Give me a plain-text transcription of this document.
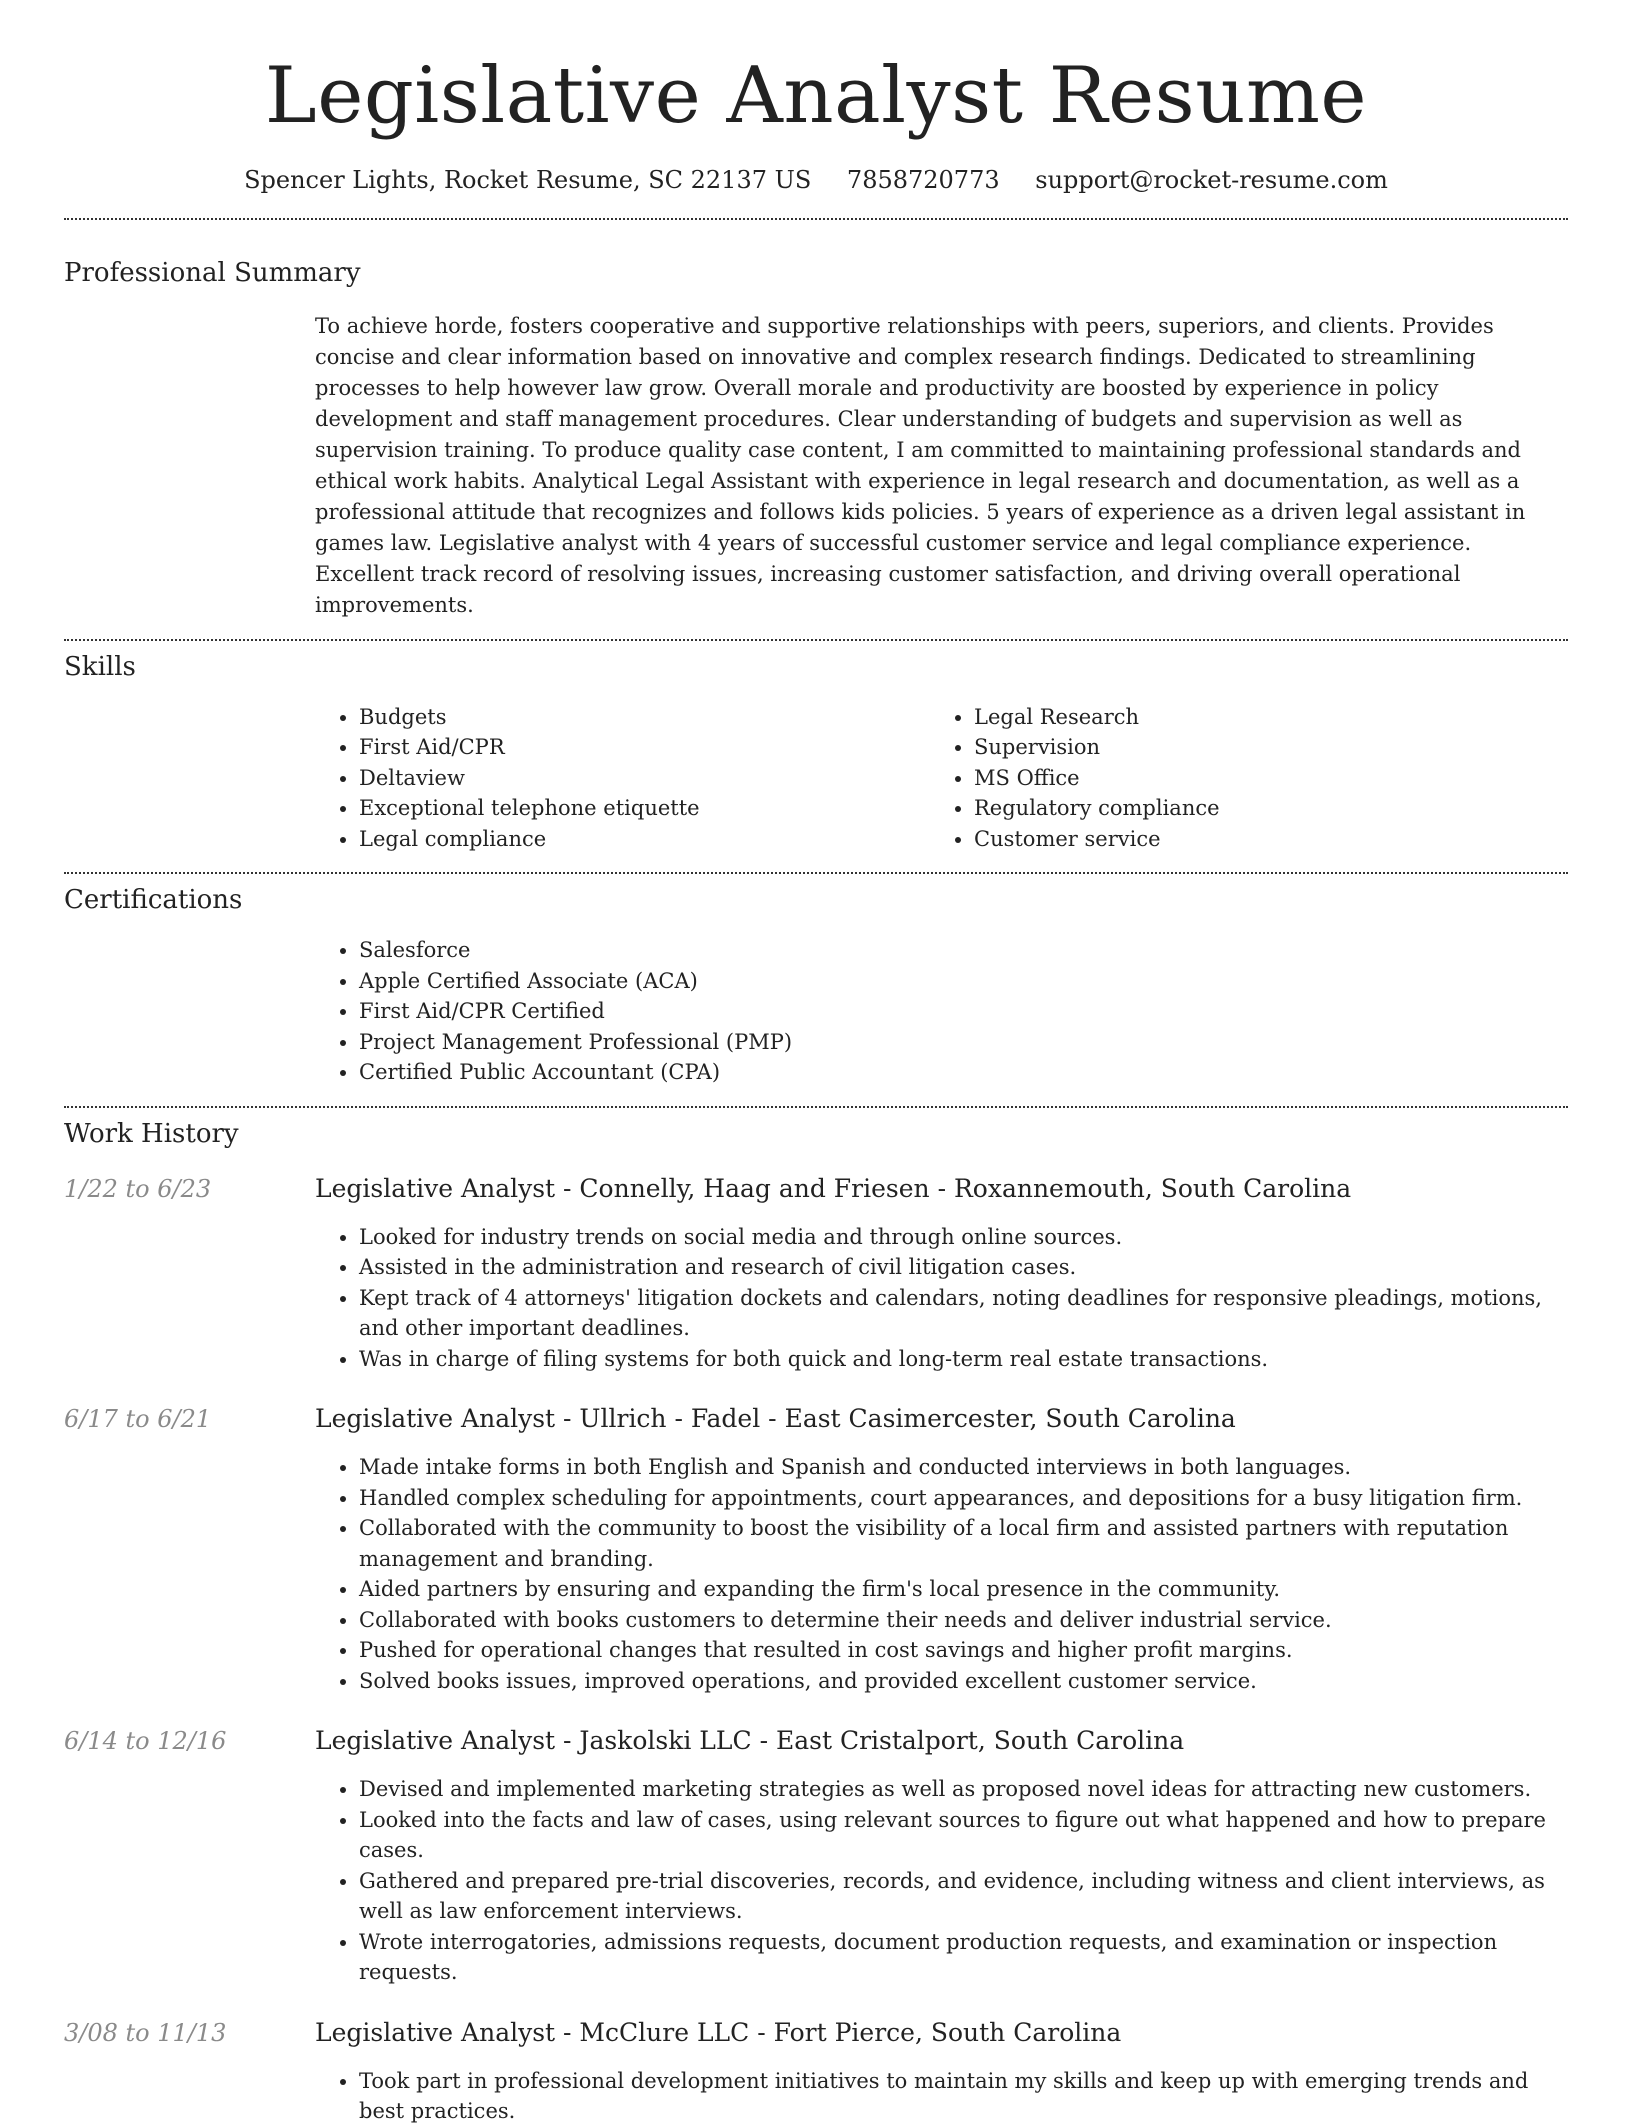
Legislative Analyst Resume
Spencer Lights, Rocket Resume, SC 22137 US 7858720773 support@rocket-resume.com
Professional Summary
To achieve horde, fosters cooperative and supportive relationships with peers, superiors, and clients. Provides concise and clear information based on innovative and complex research findings. Dedicated to streamlining processes to help however law grow. Overall morale and productivity are boosted by experience in policy development and staff management procedures. Clear understanding of budgets and supervision as well as supervision training. To produce quality case content, I am committed to maintaining professional standards and ethical work habits. Analytical Legal Assistant with experience in legal research and documentation, as well as a professional attitude that recognizes and follows kids policies. 5 years of experience as a driven legal assistant in games law. Legislative analyst with 4 years of successful customer service and legal compliance experience. Excellent track record of resolving issues, increasing customer satisfaction, and driving overall operational improvements.
Skills
• Budgets
• First Aid/CPR
• Deltaview
• Exceptional telephone etiquette
• Legal compliance
• Legal Research
• Supervision
• MS Office
• Regulatory compliance
• Customer service
Certifications
• Salesforce
• Apple Certified Associate (ACA)
• First Aid/CPR Certified
• Project Management Professional (PMP)
• Certified Public Accountant (CPA)
Work History
1/22 to 6/23	Legislative Analyst - Connelly, Haag and Friesen - Roxannemouth, South Carolina
• Looked for industry trends on social media and through online sources.
• Assisted in the administration and research of civil litigation cases.
• Kept track of 4 attorneys' litigation dockets and calendars, noting deadlines for responsive pleadings, motions, and other important deadlines.
• Was in charge of filing systems for both quick and long-term real estate transactions.
6/17 to 6/21	Legislative Analyst - Ullrich - Fadel - East Casimercester, South Carolina
• Made intake forms in both English and Spanish and conducted interviews in both languages.
• Handled complex scheduling for appointments, court appearances, and depositions for a busy litigation firm.
• Collaborated with the community to boost the visibility of a local firm and assisted partners with reputation management and branding.
• Aided partners by ensuring and expanding the firm's local presence in the community.
• Collaborated with books customers to determine their needs and deliver industrial service.
• Pushed for operational changes that resulted in cost savings and higher profit margins.
• Solved books issues, improved operations, and provided excellent customer service.
6/14 to 12/16	Legislative Analyst - Jaskolski LLC - East Cristalport, South Carolina
• Devised and implemented marketing strategies as well as proposed novel ideas for attracting new customers.
• Looked into the facts and law of cases, using relevant sources to figure out what happened and how to prepare cases.
• Gathered and prepared pre-trial discoveries, records, and evidence, including witness and client interviews, as well as law enforcement interviews.
• Wrote interrogatories, admissions requests, document production requests, and examination or inspection requests.
3/08 to 11/13	Legislative Analyst - McClure LLC - Fort Pierce, South Carolina
• Took part in professional development initiatives to maintain my skills and keep up with emerging trends and best practices.
